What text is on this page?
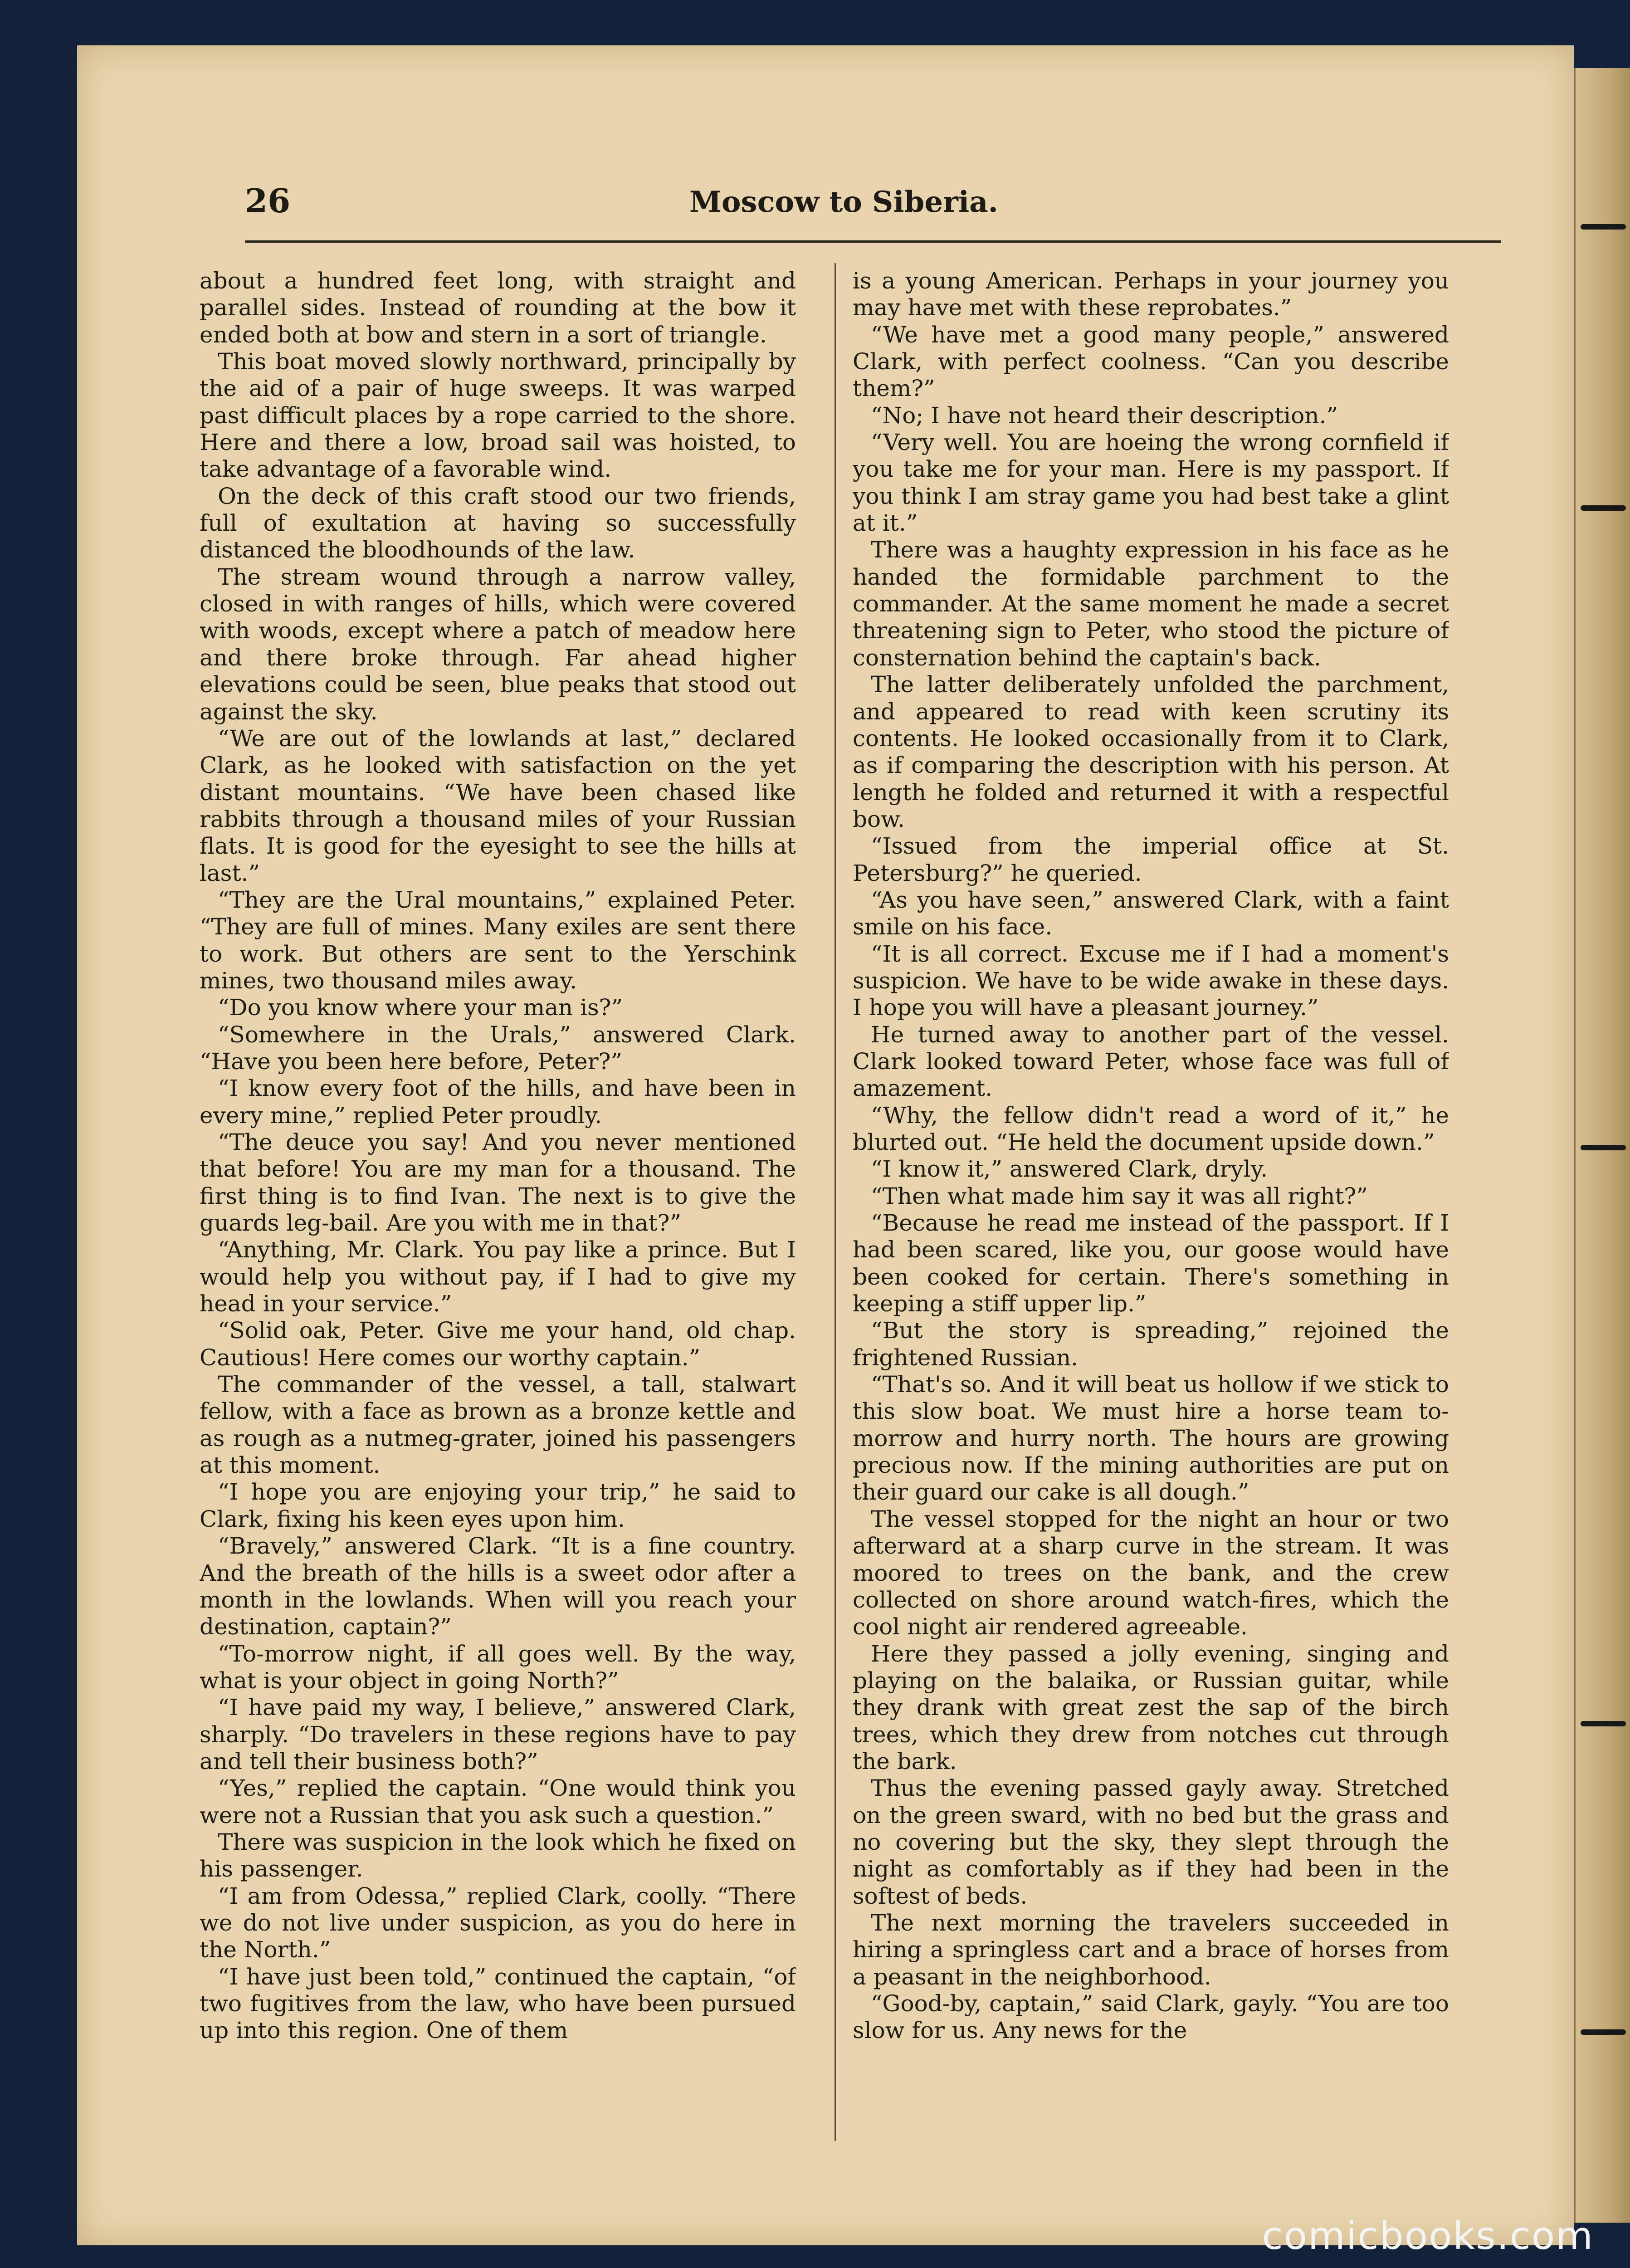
26	Moscow to Siberia.

about a hundred feet long, with straight and parallel sides. Instead of rounding at the bow it ended both at bow and stern in a sort of triangle.

This boat moved slowly northward, principally by the aid of a pair of huge sweeps. It was warped past difficult places by a rope carried to the shore. Here and there a low, broad sail was hoisted, to take advantage of a favorable wind.

On the deck of this craft stood our two friends, full of exultation at having so successfully distanced the bloodhounds of the law.

The stream wound through a narrow valley, closed in with ranges of hills, which were covered with woods, except where a patch of meadow here and there broke through. Far ahead higher elevations could be seen, blue peaks that stood out against the sky.

“We are out of the lowlands at last,” declared Clark, as he looked with satisfaction on the yet distant mountains. “We have been chased like rabbits through a thousand miles of your Russian flats. It is good for the eyesight to see the hills at last.”

“They are the Ural mountains,” explained Peter. “They are full of mines. Many exiles are sent there to work. But others are sent to the Yerschink mines, two thousand miles away.

“Do you know where your man is?”

“Somewhere in the Urals,” answered Clark. “Have you been here before, Peter?”

“I know every foot of the hills, and have been in every mine,” replied Peter proudly.

“The deuce you say! And you never mentioned that before! You are my man for a thousand. The first thing is to find Ivan. The next is to give the guards leg-bail. Are you with me in that?”

“Anything, Mr. Clark. You pay like a prince. But I would help you without pay, if I had to give my head in your service.”

“Solid oak, Peter. Give me your hand, old chap. Cautious! Here comes our worthy captain.”

The commander of the vessel, a tall, stalwart fellow, with a face as brown as a bronze kettle and as rough as a nutmeg-grater, joined his passengers at this moment.

“I hope you are enjoying your trip,” he said to Clark, fixing his keen eyes upon him.

“Bravely,” answered Clark. “It is a fine country. And the breath of the hills is a sweet odor after a month in the lowlands. When will you reach your destination, captain?”

“To-morrow night, if all goes well. By the way, what is your object in going North?”

“I have paid my way, I believe,” answered Clark, sharply. “Do travelers in these regions have to pay and tell their business both?”

“Yes,” replied the captain. “One would think you were not a Russian that you ask such a question.”

There was suspicion in the look which he fixed on his passenger.

“I am from Odessa,” replied Clark, coolly. “There we do not live under suspicion, as you do here in the North.”

“I have just been told,” continued the captain, “of two fugitives from the law, who have been pursued up into this region. One of them

is a young American. Perhaps in your journey you may have met with these reprobates.”

“We have met a good many people,” answered Clark, with perfect coolness. “Can you describe them?”

“No; I have not heard their description.”

“Very well. You are hoeing the wrong cornfield if you take me for your man. Here is my passport. If you think I am stray game you had best take a glint at it.”

There was a haughty expression in his face as he handed the formidable parchment to the commander. At the same moment he made a secret threatening sign to Peter, who stood the picture of consternation behind the captain's back.

The latter deliberately unfolded the parchment, and appeared to read with keen scrutiny its contents. He looked occasionally from it to Clark, as if comparing the description with his person. At length he folded and returned it with a respectful bow.

“Issued from the imperial office at St. Petersburg?” he queried.

“As you have seen,” answered Clark, with a faint smile on his face.

“It is all correct. Excuse me if I had a moment's suspicion. We have to be wide awake in these days. I hope you will have a pleasant journey.”

He turned away to another part of the vessel. Clark looked toward Peter, whose face was full of amazement.

“Why, the fellow didn't read a word of it,” he blurted out. “He held the document upside down.”

“I know it,” answered Clark, dryly.

“Then what made him say it was all right?”

“Because he read me instead of the passport. If I had been scared, like you, our goose would have been cooked for certain. There's something in keeping a stiff upper lip.”

“But the story is spreading,” rejoined the frightened Russian.

“That's so. And it will beat us hollow if we stick to this slow boat. We must hire a horse team to-morrow and hurry north. The hours are growing precious now. If the mining authorities are put on their guard our cake is all dough.”

The vessel stopped for the night an hour or two afterward at a sharp curve in the stream. It was moored to trees on the bank, and the crew collected on shore around watch-fires, which the cool night air rendered agreeable.

Here they passed a jolly evening, singing and playing on the balaika, or Russian guitar, while they drank with great zest the sap of the birch trees, which they drew from notches cut through the bark.

Thus the evening passed gayly away. Stretched on the green sward, with no bed but the grass and no covering but the sky, they slept through the night as comfortably as if they had been in the softest of beds.

The next morning the travelers succeeded in hiring a springless cart and a brace of horses from a peasant in the neighborhood.

“Good-by, captain,” said Clark, gayly. “You are too slow for us. Any news for the

comicbooks.com
